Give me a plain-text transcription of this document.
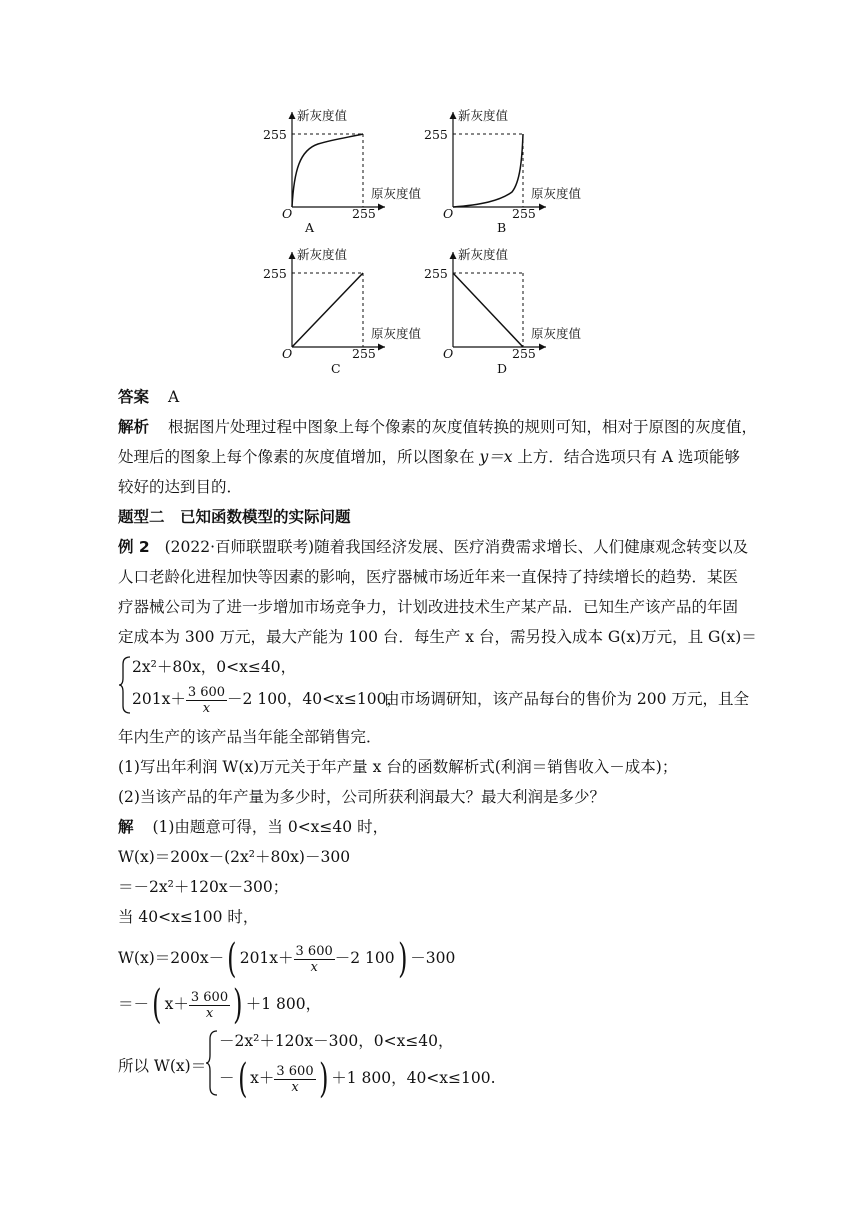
新灰度值
原灰度值
255
255
O
A
新灰度值
原灰度值
255
255
O
B
新灰度值
原灰度值
255
255
O
C
新灰度值
原灰度值
255
255
O
D
答案 A
解析 根据图片处理过程中图象上每个像素的灰度值转换的规则可知，相对于原图的灰度值，
处理后的图象上每个像素的灰度值增加，所以图象在 y＝x 上方．结合选项只有 A 选项能够
较好的达到目的．
题型二　已知函数模型的实际问题
例 2 (2022·百师联盟联考)随着我国经济发展、医疗消费需求增长、人们健康观念转变以及
人口老龄化进程加快等因素的影响，医疗器械市场近年来一直保持了持续增长的趋势．某医
疗器械公司为了进一步增加市场竞争力，计划改进技术生产某产品．已知生产该产品的年固
定成本为 300 万元，最大产能为 100 台．每生产 x 台，需另投入成本 G(x)万元，且 G(x)＝
2x²＋80x，0<x≤40，
$201x+ \frac{3 600}{x} -2$ 100，40<x≤100，
由市场调研知，该产品每台的售价为 200 万元，且全
年内生产的该产品当年能全部销售完．
(1)写出年利润 W(x)万元关于年产量 x 台的函数解析式(利润＝销售收入－成本)；
(2)当该产品的年产量为多少时，公司所获利润最大？最大利润是多少？
解 (1)由题意可得，当 0<x≤40 时，
W(x)＝200x－(2x²＋80x)－300
＝－2x²＋120x－300；
当 40<x≤100 时，
W(x)＝200x－( $201x+ \frac{3 600}{x} -2$ 100) －300
＝－( $x+ \frac{3 600}{x}$ ) ＋1 800，
所以 W(x)＝
－2x²＋120x－300，0<x≤40，
－( $x+ \frac{3 600}{x}$ ) ＋1 800，40<x≤100.
